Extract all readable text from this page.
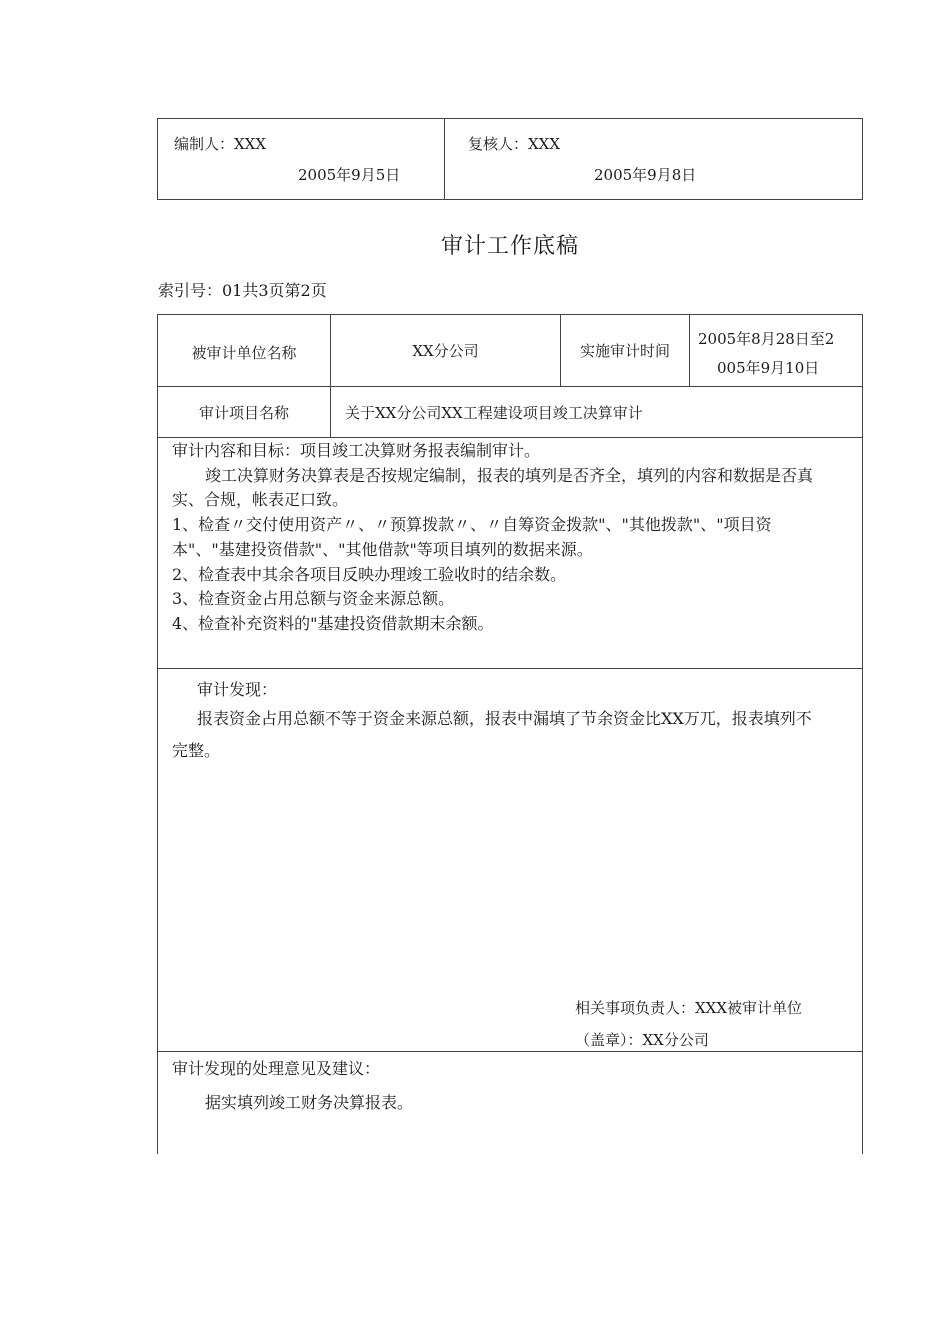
编制人：XXX
2005年9月5日
复核人：XXX
2005年9月8日
审计工作底稿
索引号：01共3页第2页
被审计单位名称	XX分公司	实施审计时间
2005年8月28日至2
005年9月10日
审计项目名称	关于XX分公司XX工程建设项目竣工决算审计
审计内容和目标：项目竣工决算财务报表编制审计。
竣工决算财务决算表是否按规定编制，报表的填列是否齐全，填列的内容和数据是否真
实、合规，帐表疋口致。
1、检查〃交付使用资产〃、〃预算拨款〃、〃自筹资金拨款"、"其他拨款"、"项目资
本"、"基建投资借款"、"其他借款"等项目填列的数据来源。
2、检查表中其余各项目反映办理竣工验收时的结余数。
3、检查资金占用总额与资金来源总额。
4、检查补充资料的"基建投资借款期末余额。
审计发现：
报表资金占用总额不等于资金来源总额，报表中漏填了节余资金比XX万兀，报表填列不
完整。
相关事项负责人：XXX被审计单位
（盖章）：XX分公司
审计发现的处理意见及建议：
据实填列竣工财务决算报表。
